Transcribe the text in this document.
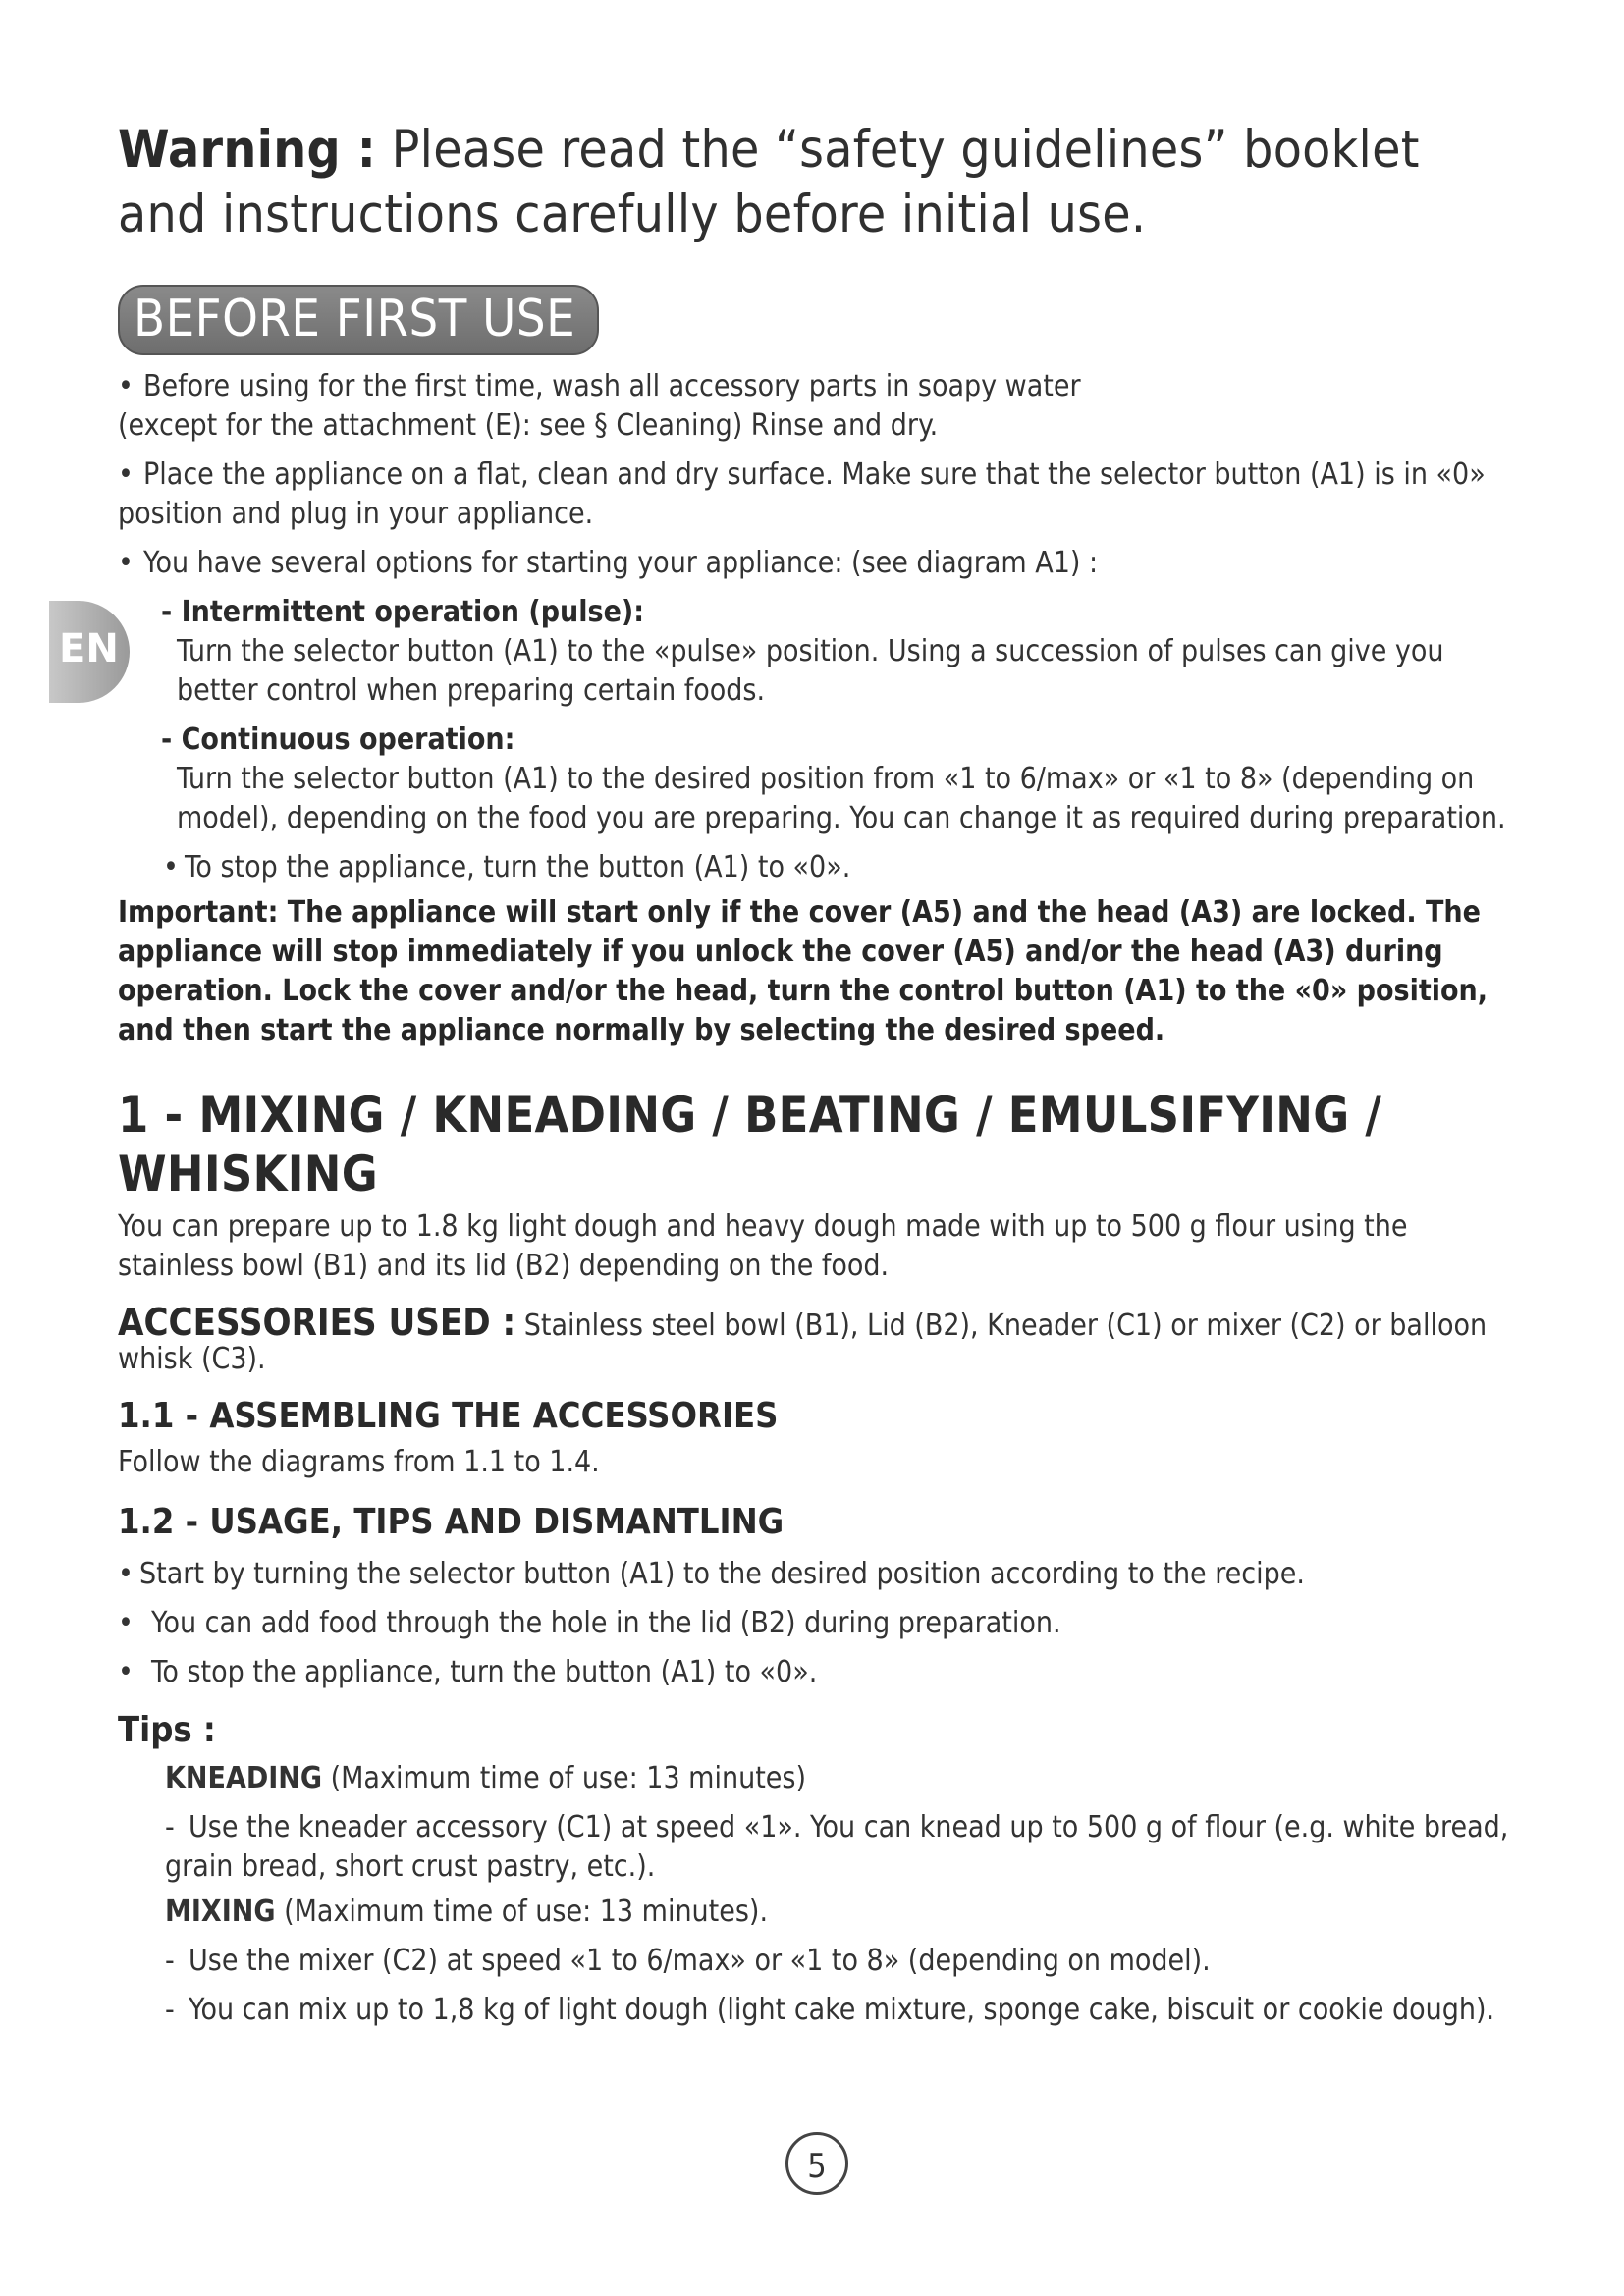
EN

Warning : Please read the “safety guidelines” booklet and instructions carefully before initial use.

BEFORE FIRST USE

• Before using for the first time, wash all accessory parts in soapy water
(except for the attachment (E): see § Cleaning) Rinse and dry.

• Place the appliance on a flat, clean and dry surface. Make sure that the selector button (A1) is in «0» position and plug in your appliance.

• You have several options for starting your appliance: (see diagram A1) :

- Intermittent operation (pulse):

Turn the selector button (A1) to the «pulse» position. Using a succession of pulses can give you better control when preparing certain foods.

- Continuous operation:

Turn the selector button (A1) to the desired position from «1 to 6/max» or «1 to 8» (depending on model), depending on the food you are preparing. You can change it as required during preparation.

• To stop the appliance, turn the button (A1) to «0».

Important: The appliance will start only if the cover (A5) and the head (A3) are locked. The appliance will stop immediately if you unlock the cover (A5) and/or the head (A3) during operation. Lock the cover and/or the head, turn the control button (A1) to the «0» position, and then start the appliance normally by selecting the desired speed.

1 - MIXING / KNEADING / BEATING / EMULSIFYING / WHISKING

You can prepare up to 1.8 kg light dough and heavy dough made with up to 500 g flour using the stainless bowl (B1) and its lid (B2) depending on the food.

ACCESSORIES USED : Stainless steel bowl (B1), Lid (B2), Kneader (C1) or mixer (C2) or balloon whisk (C3).

1.1 - ASSEMBLING THE ACCESSORIES

Follow the diagrams from 1.1 to 1.4.

1.2 - USAGE, TIPS AND DISMANTLING

• Start by turning the selector button (A1) to the desired position according to the recipe.

• You can add food through the hole in the lid (B2) during preparation.

• To stop the appliance, turn the button (A1) to «0».

Tips :

KNEADING (Maximum time of use: 13 minutes)

- Use the kneader accessory (C1) at speed «1». You can knead up to 500 g of flour (e.g. white bread, grain bread, short crust pastry, etc.).

MIXING (Maximum time of use: 13 minutes).

- Use the mixer (C2) at speed «1 to 6/max» or «1 to 8» (depending on model).
- You can mix up to 1,8 kg of light dough (light cake mixture, sponge cake, biscuit or cookie dough).
5
